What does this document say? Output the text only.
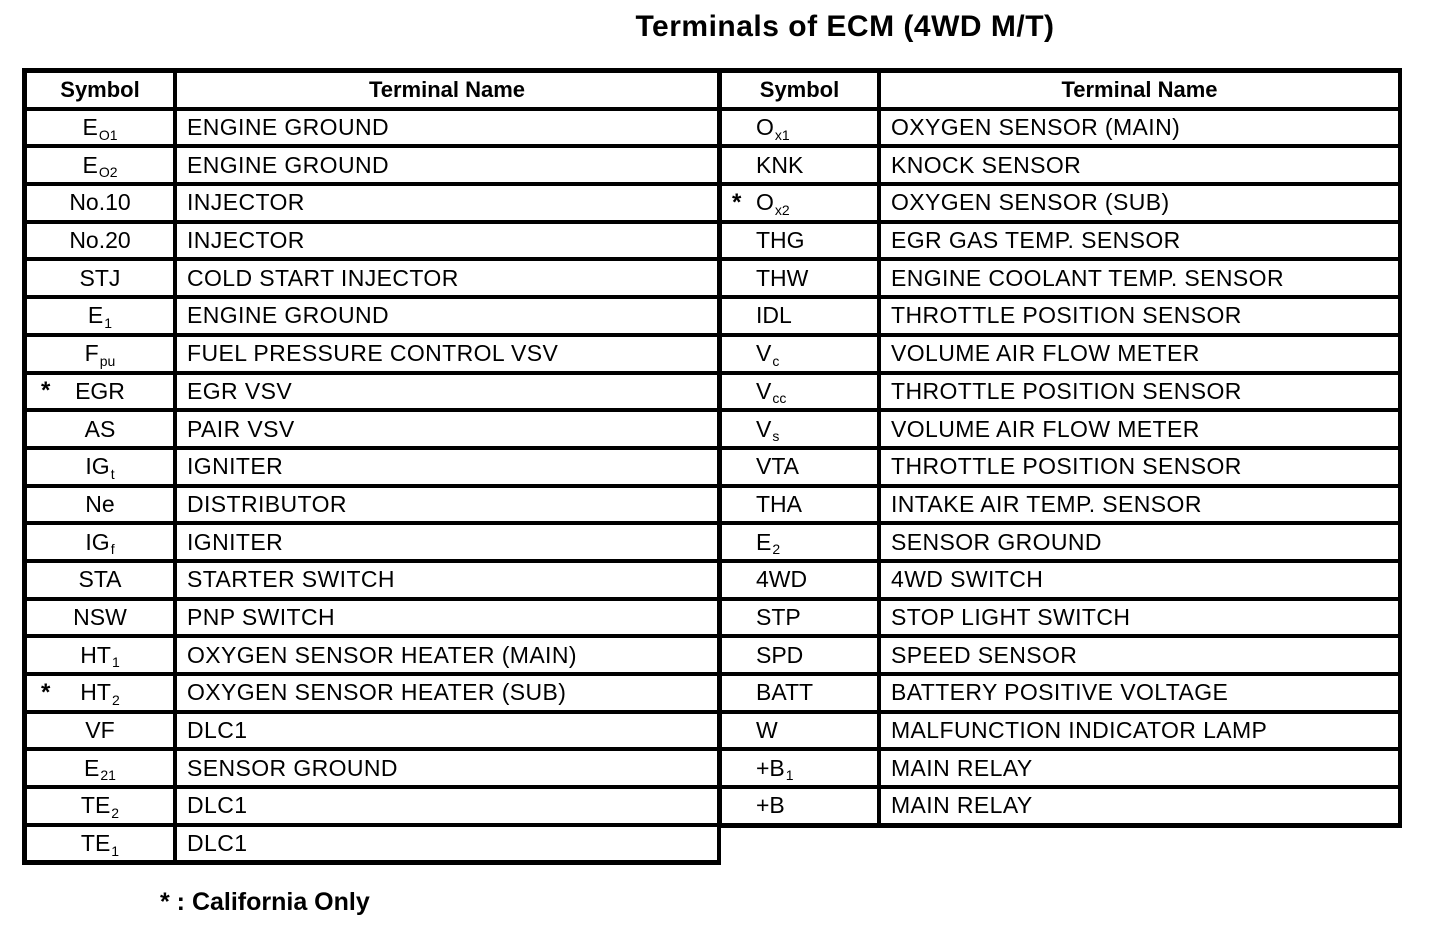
Terminals of ECM (4WD M/T)
Symbol	Terminal Name
E O1	ENGINE GROUND
E O2	ENGINE GROUND
No.10	INJECTOR
No.20	INJECTOR
STJ	COLD START INJECTOR
E 1	ENGINE GROUND
F pu	FUEL PRESSURE CONTROL VSV
* EGR	EGR VSV
AS	PAIR VSV
IG t	IGNITER
Ne	DISTRIBUTOR
IG f	IGNITER
STA	STARTER SWITCH
NSW	PNP SWITCH
HT 1	OXYGEN SENSOR HEATER (MAIN)
* HT 2	OXYGEN SENSOR HEATER (SUB)
VF	DLC1
E 21	SENSOR GROUND
TE 2	DLC1
TE 1	DLC1
Symbol	Terminal Name
O x1	OXYGEN SENSOR (MAIN)
KNK	KNOCK SENSOR
* O x2	OXYGEN SENSOR (SUB)
THG	EGR GAS TEMP. SENSOR
THW	ENGINE COOLANT TEMP. SENSOR
IDL	THROTTLE POSITION SENSOR
V c	VOLUME AIR FLOW METER
V cc	THROTTLE POSITION SENSOR
V s	VOLUME AIR FLOW METER
VTA	THROTTLE POSITION SENSOR
THA	INTAKE AIR TEMP. SENSOR
E 2	SENSOR GROUND
4WD	4WD SWITCH
STP	STOP LIGHT SWITCH
SPD	SPEED SENSOR
BATT	BATTERY POSITIVE VOLTAGE
W	MALFUNCTION INDICATOR LAMP
+B 1	MAIN RELAY
+B	MAIN RELAY
* : California Only
